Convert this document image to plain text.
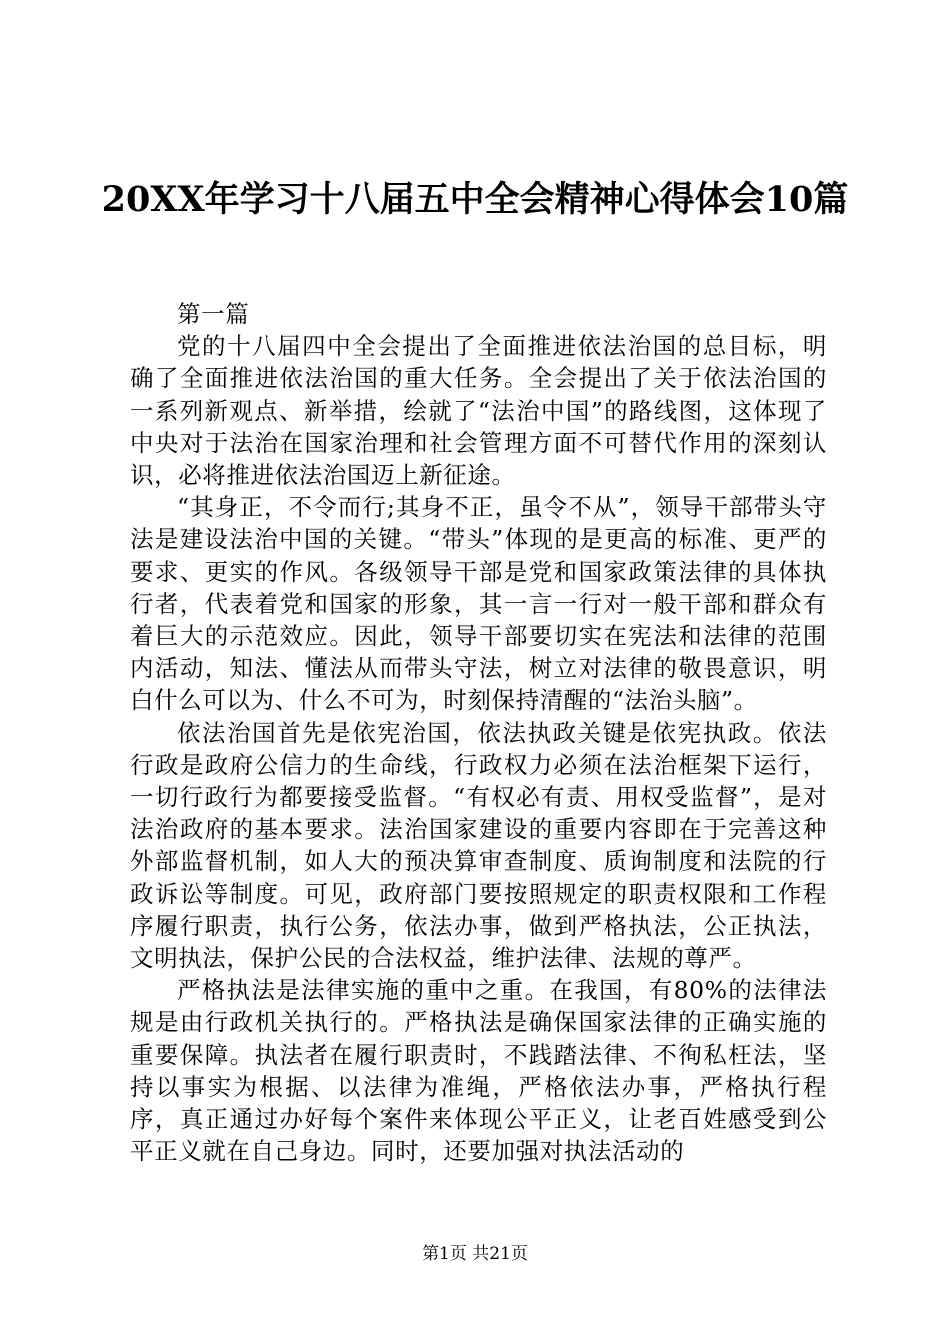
20XX年学习十八届五中全会精神心得体会10篇

第一篇

党的十八届四中全会提出了全面推进依法治国的总目标，明确了全面推进依法治国的重大任务。全会提出了关于依法治国的一系列新观点、新举措，绘就了“法治中国”的路线图，这体现了中央对于法治在国家治理和社会管理方面不可替代作用的深刻认识，必将推进依法治国迈上新征途。

“其身正，不令而行;其身不正，虽令不从”，领导干部带头守法是建设法治中国的关键。“带头”体现的是更高的标准、更严的要求、更实的作风。各级领导干部是党和国家政策法律的具体执行者，代表着党和国家的形象，其一言一行对一般干部和群众有着巨大的示范效应。因此，领导干部要切实在宪法和法律的范围内活动，知法、懂法从而带头守法，树立对法律的敬畏意识，明白什么可以为、什么不可为，时刻保持清醒的“法治头脑”。

依法治国首先是依宪治国，依法执政关键是依宪执政。依法行政是政府公信力的生命线，行政权力必须在法治框架下运行，一切行政行为都要接受监督。“有权必有责、用权受监督”，是对法治政府的基本要求。法治国家建设的重要内容即在于完善这种外部监督机制，如人大的预决算审查制度、质询制度和法院的行政诉讼等制度。可见，政府部门要按照规定的职责权限和工作程序履行职责，执行公务，依法办事，做到严格执法，公正执法，文明执法，保护公民的合法权益，维护法律、法规的尊严。

严格执法是法律实施的重中之重。在我国，有80%的法律法规是由行政机关执行的。严格执法是确保国家法律的正确实施的重要保障。执法者在履行职责时，不践踏法律、不徇私枉法，坚持以事实为根据、以法律为准绳，严格依法办事，严格执行程序，真正通过办好每个案件来体现公平正义，让老百姓感受到公平正义就在自己身边。同时，还要加强对执法活动的

第1页 共21页
